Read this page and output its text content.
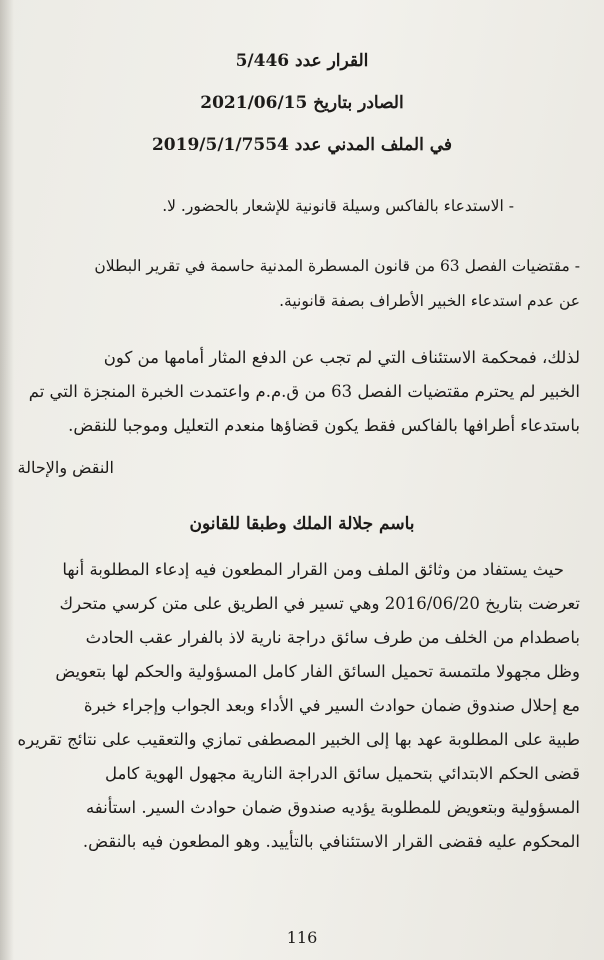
القرار عدد 5/446
الصادر بتاريخ 2021/06/15
في الملف المدني عدد 2019/5/1/7554
- الاستدعاء بالفاكس وسيلة قانونية للإشعار بالحضور. لا.
- مقتضيات الفصل 63 من قانون المسطرة المدنية حاسمة في تقرير البطلان
عن عدم استدعاء الخبير الأطراف بصفة قانونية.
لذلك، فمحكمة الاستئناف التي لم تجب عن الدفع المثار أمامها من كون
الخبير لم يحترم مقتضيات الفصل 63 من ق.م.م واعتمدت الخبرة المنجزة التي تم
باستدعاء أطرافها بالفاكس فقط يكون قضاؤها منعدم التعليل وموجبا للنقض.
النقض والإحالة
باسم جلالة الملك وطبقا للقانون
حيث يستفاد من وثائق الملف ومن القرار المطعون فيه إدعاء المطلوبة أنها
تعرضت بتاريخ 2016/06/20 وهي تسير في الطريق على متن كرسي متحرك
باصطدام من الخلف من طرف سائق دراجة نارية لاذ بالفرار عقب الحادث
وظل مجهولا ملتمسة تحميل السائق الفار كامل المسؤولية والحكم لها بتعويض
مع إحلال صندوق ضمان حوادث السير في الأداء وبعد الجواب وإجراء خبرة
طبية على المطلوبة عهد بها إلى الخبير المصطفى تمازي والتعقيب على نتائج تقريره
قضى الحكم الابتدائي بتحميل سائق الدراجة النارية مجهول الهوية كامل
المسؤولية وبتعويض للمطلوبة يؤديه صندوق ضمان حوادث السير. استأنفه
المحكوم عليه فقضى القرار الاستئنافي بالتأييد. وهو المطعون فيه بالنقض.
116
